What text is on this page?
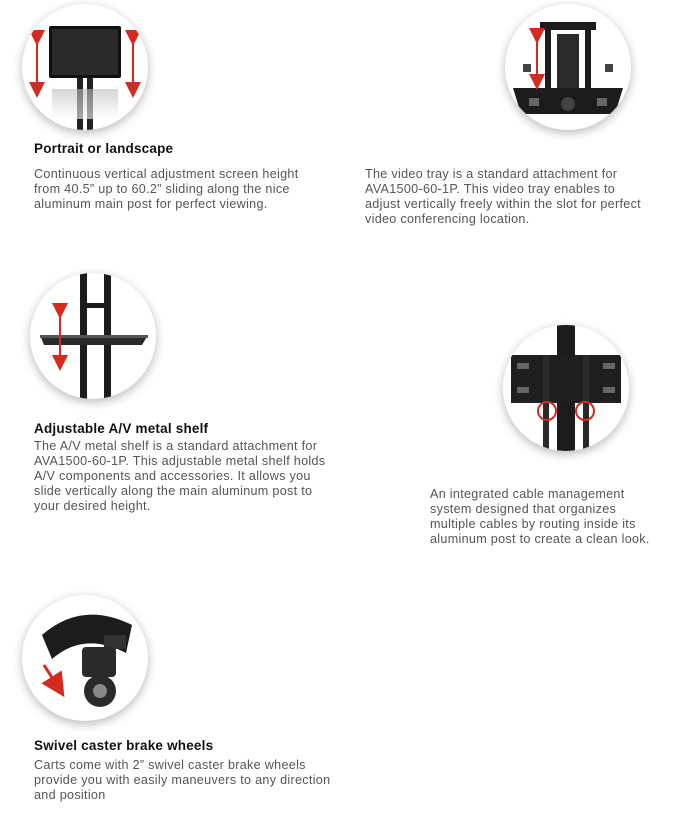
Portrait or landscape
Continuous vertical adjustment screen height from 40.5” up to 60.2” sliding along the nice aluminum main post for perfect viewing.
The video tray is a standard attachment for AVA1500-60-1P. This video tray enables to adjust vertically freely within the slot for perfect video conferencing location.
Adjustable A/V metal shelf
The A/V metal shelf is a standard attachment for AVA1500-60-1P. This adjustable metal shelf holds A/V components and accessories. It allows you slide vertically along the main aluminum post to your desired height.
An integrated cable management system designed that organizes multiple cables by routing inside its aluminum post to create a clean look.
Swivel caster brake wheels
Carts come with 2” swivel caster brake wheels provide you with easily maneuvers to any direction and position
